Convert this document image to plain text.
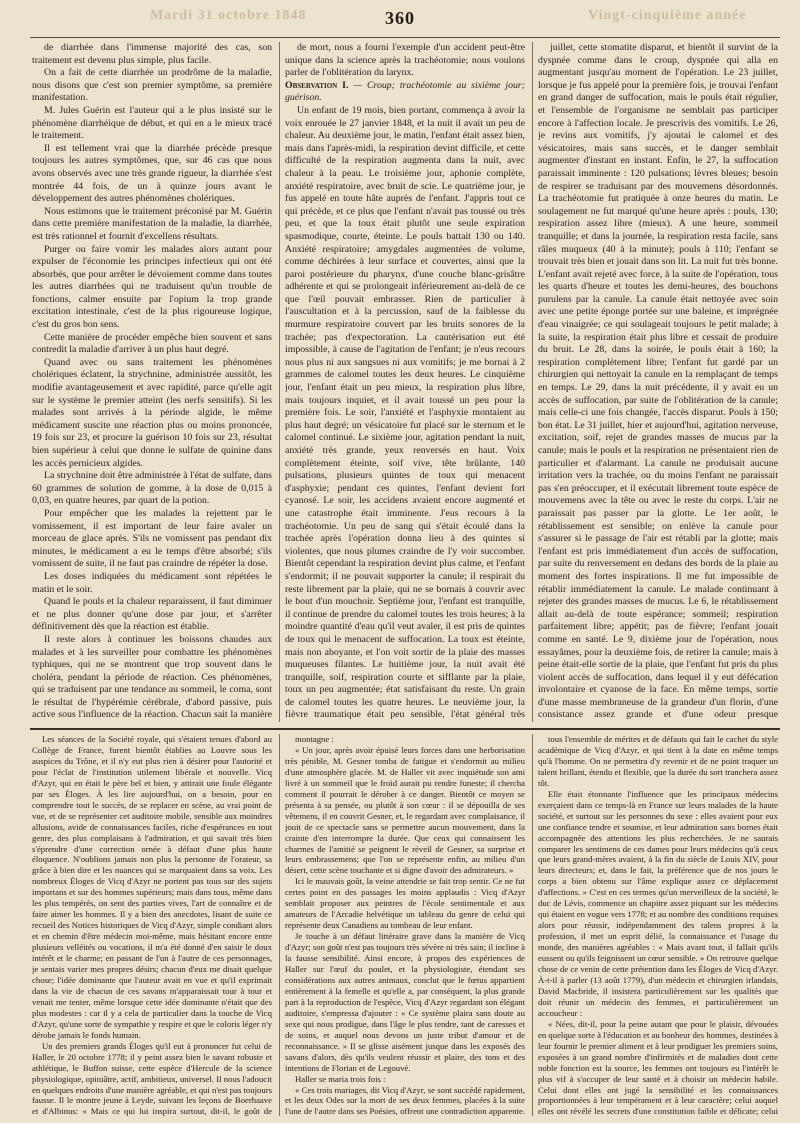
Mardi 31 octobre 1848	360	Vingt-cinquième année

de diarrhée dans l'immense majorité des cas, son traitement est devenu plus simple, plus facile.

On a fait de cette diarrhée un prodrôme de la maladie, nous disons que c'est son premier symptôme, sa première manifestation.

M. Jules Guérin est l'auteur qui a le plus insisté sur le phénomène diarrhéique de début, et qui en a le mieux tracé le traitement.

Il est tellement vrai que la diarrhée précède presque toujours les autres symptômes, que, sur 46 cas que nous avons observés avec une très grande rigueur, la diarrhée s'est montrée 44 fois, de un à quinze jours avant le développement des autres phénomènes cholériques.

Nous estimons que le traitement préconisé par M. Guérin dans cette première manifestation de la maladie, la diarrhée, est très rationnel et fournit d'excellens résultats.

Purger ou faire vomir les malades alors autant pour expulser de l'économie les principes infectieux qui ont été absorbés, que pour arrêter le dévoiement comme dans toutes les autres diarrhées qui ne traduisent qu'un trouble de fonctions, calmer ensuite par l'opium la trop grande excitation intestinale, c'est de la plus rigoureuse logique, c'est du gros bon sens.

Cette manière de procéder empêche bien souvent et sans contredit la maladie d'arriver à un plus haut degré.

Quand avec ou sans traitement les phénomènes cholériques éclatent, la strychnine, administrée aussitôt, les modifie avantageusement et avec rapidité, parce qu'elle agit sur le système le premier atteint (les nerfs sensitifs). Si les malades sont arrivés à la période algide, le même médicament suscite une réaction plus ou moins prononcée, 19 fois sur 23, et procure la guérison 10 fois sur 23, résultat bien supérieur à celui que donne le sulfate de quinine dans les accès pernicieux algides.

La strychnine doit être administrée à l'état de sulfate, dans 60 grammes de solution de gomme, à la dose de 0,015 à 0,03, en quatre heures, par quart de la potion.

Pour empêcher que les malades la rejettent par le vomissement, il est important de leur faire avaler un morceau de glace après. S'ils ne vomissent pas pendant dix minutes, le médicament a eu le temps d'être absorbé; s'ils vomissent de suite, il ne faut pas craindre de répéter la dose.

Les doses indiquées du médicament sont répétées le matin et le soir.

Quand le pouls et la chaleur reparaissent, il faut diminuer et ne plus donner qu'une dose par jour, et s'arrêter définitivement dès que la réaction est établie.

Il reste alors à continuer les boissons chaudes aux malades et à les surveiller pour combattre les phénomènes typhiques, qui ne se montrent que trop souvent dans le choléra, pendant la période de réaction. Ces phénomènes, qui se traduisent par une tendance au sommeil, le coma, sont le résultat de l'hypérémie cérébrale, d'abord passive, puis active sous l'influence de la réaction. Chacun sait la manière

de mort, nous a fourni l'exemple d'un accident peut-être unique dans la science après la trachéotomie; nous voulons parler de l'oblitération du larynx.

Observation I. — Croup; trachéotomie au sixième jour; guérison.

Un enfant de 19 mois, bien portant, commença à avoir la voix enrouée le 27 janvier 1848, et la nuit il avait un peu de chaleur. Au deuxième jour, le matin, l'enfant était assez bien, mais dans l'après-midi, la respiration devint difficile, et cette difficulté de la respiration augmenta dans la nuit, avec chaleur à la peau. Le troisième jour, aphonie complète, anxiété respiratoire, avec bruit de scie. Le quatrième jour, je fus appelé en toute hâte auprès de l'enfant. J'appris tout ce qui précède, et ce plus que l'enfant n'avait pas toussé ou très peu, et que la toux était plutôt une seule expiration spasmodique, courte, éteinte. Le pouls battait 130 ou 140. Anxiété respiratoire; amygdales augmentées de volume, comme déchirées à leur surface et couvertes, ainsi que la paroi postérieure du pharynx, d'une couche blanc-grisâtre adhérente et qui se prolongeait inférieurement au-delà de ce que l'œil pouvait embrasser. Rien de particulier à l'auscultation et à la percussion, sauf de la faiblesse du murmure respiratoire couvert par les bruits sonores de la trachée; pas d'expectoration. La cautérisation eut été impossible, à cause de l'agitation de l'enfant; je n'eus recours nous plus ni aux sangsues ni aux vomitifs; je me bornai à 2 grammes de calomel toutes les deux heures. Le cinquième jour, l'enfant était un peu mieux, la respiration plus libre, mais toujours inquiet, et il avait toussé un peu pour la première fois. Le soir, l'anxiété et l'asphyxie montaient au plus haut degré; un vésicatoire fut placé sur le sternum et le calomel continué. Le sixième jour, agitation pendant la nuit, anxiété très grande, yeux renversés en haut. Voix complètement éteinte, soif vive, tête brûlante, 140 pulsations, plusieurs quintes de toux qui menacent d'asphyxie; pendant ces quintes, l'enfant devient fort cyanosé. Le soir, les accidens avaient encore augmenté et une catastrophe était imminente. J'eus recours à la trachéotomie. Un peu de sang qui s'était écoulé dans la trachée après l'opération donna lieu à des quintes si violentes, que nous plumes craindre de l'y voir succomber. Bientôt cependant la respiration devint plus calme, et l'enfant s'endormit; il ne pouvait supporter la canule; il respirait du reste librement par la plaie, qui ne se bornais à couvrir avec le bout d'un mouchoir. Septième jour, l'enfant est tranquille, il continue de prendre du calomel toutes les trois heures; à la moindre quantité d'eau qu'il veut avaler, il est pris de quintes de toux qui le menacent de suffocation. La toux est éteinte, mais non aboyante, et l'on voit sortir de la plaie des masses muqueuses filantes. Le huitième jour, la nuit avait été tranquille, soif, respiration courte et sifflante par la plaie, toux un peu augmentée; état satisfaisant du reste. Un grain de calomel toutes les quatre heures. Le neuvième jour, la fièvre traumatique était peu sensible, l'état général très

juillet, cette stomatite disparut, et bientôt il survint de la dyspnée comme dans le croup, dyspnée qui alla en augmentant jusqu'au moment de l'opération. Le 23 juillet, lorsque je fus appelé pour la première fois, je trouvai l'enfant en grand danger de suffocation, mais le pouls était régulier, et l'ensemble de l'organisme ne semblait pas participer encore à l'affection locale. Je prescrivis des vomitifs. Le 26, je revins aux vomitifs, j'y ajoutai le calomel et des vésicatoires, mais sans succès, et le danger semblait augmenter d'instant en instant. Enfin, le 27, la suffocation paraissait imminente : 120 pulsations; lèvres bleues; besoin de respirer se traduisant par des mouvemens désordonnés. La trachéotomie fut pratiquée à onze heures du matin. Le soulagement ne fut marqué qu'une heure après : pouls, 130; respiration assez libre (mieux). A une heure, sommeil tranquille; et dans la journée, la respiration resta facile, sans râles muqueux (40 à la minute); pouls à 110; l'enfant se trouvait très bien et jouait dans son lit. La nuit fut très bonne. L'enfant avait rejeté avec force, à la suite de l'opération, tous les quarts d'heure et toutes les demi-heures, des bouchons purulens par la canule. La canule était nettoyée avec soin avec une petite éponge portée sur une baleine, et imprégnée d'eau vinaigrée; ce qui soulageait toujours le petit malade; à la suite, la respiration était plus libre et cessait de produire du bruit. Le 28, dans la soirée, le pouls était à 160; la respiration complètement libre; l'enfant fut gardé par un chirurgien qui nettoyait la canule en la remplaçant de temps en temps. Le 29, dans la nuit précédente, il y avait eu un accès de suffocation, par suite de l'oblitération de la canule; mais celle-ci une fois changée, l'accès disparut. Pouls à 150; bon état. Le 31 juillet, hier et aujourd'hui, agitation nerveuse, excitation, soif, rejet de grandes masses de mucus par la canule; mais le pouls et la respiration ne présentaient rien de particulier et d'alarmant. La canule ne produisait aucune irritation vers la trachée, ou du moins l'enfant ne paraissait pas s'en préoccuper, et il exécutait librement toute espèce de mouvemens avec la tête ou avec le reste du corps. L'air ne paraissait pas passer par la glotte. Le 1er août, le rétablissement est sensible; on enlève la canule pour s'assurer si le passage de l'air est rétabli par la glotte; mais l'enfant est pris immédiatement d'un accès de suffocation, par suite du renversement en dedans des bords de la plaie au moment des fortes inspirations. Il me fut impossible de rétablir immédiatement la canule. Le malade continuant à rejeter des grandes masses de mucus. Le 6, le rétablissement allait au-delà de toute espérance; sommeil; respiration parfaitement libre; appétit; pas de fièvre; l'enfant jouait comme en santé. Le 9, dixième jour de l'opération, nous essayâmes, pour la deuxième fois, de retirer la canule; mais à peine était-elle sortie de la plaie, que l'enfant fut pris du plus violent accès de suffocation, dans lequel il y eut défécation involontaire et cyanose de la face. En même temps, sortie d'une masse membraneuse de la grandeur d'un florin, d'une consistance assez grande et d'une odeur presque

Les séances de la Société royale, qui s'étaient tenues d'abord au Collège de France, furent bientôt établies au Louvre sous les auspices du Trône, et il n'y eut plus rien à désirer pour l'autorité et pour l'éclat de l'institution utilement libérale et nouvelle. Vicq d'Azyr, qui en était le père bel et bien, y attirait une foule élégante par ses Éloges. À les lire aujourd'hui, on a besoin, pour en comprendre tout le succès, de se replacer en scène, au vrai point de vue, et de se représenter cet auditoire mobile, sensible aux moindres allusions, avide de connaissances faciles, riche d'espérances en tout genre, des plus complaisans à l'admiration, et qui savait très bien s'éprendre d'une correction ornée à défaut d'une plus haute éloquence. N'oublions jamais non plus la personne de l'orateur, sa grâce à bien dire et les nuances qui se marquaient dans sa voix. Les nombreux Éloges de Vicq d'Azyr ne portent pas tous sur des sujets importans et sur des hommes supérieurs; mais dans tous, même dans les plus tempérés, on sent des parties vives, l'art de connaître et de faire aimer les hommes. Il y a bien des anecdotes, lisant de suite ce recueil des Notices historiques de Vicq d'Azyr, simple condiant alors et en chemin d'être médecin moi-même, mais hésitant encore entre plusieurs velléités ou vocations, il m'a été donné d'en saisir le doux intérêt et le charme; en passant de l'un à l'autre de ces personnages, je sentais varier mes propres désirs; chacun d'eux me disait quelque chose; l'idée dominante que l'auteur avait en vue et qu'il exprimait dans la vie de chacun de ces savans m'apparaissait tour à tour et venait me tenter, même lorsque cette idée dominante n'était que des plus modestes : car il y a cela de particulier dans la touche de Vicq d'Azyr, qu'une sorte de sympathie y respire et que le coloris léger n'y dérobe jamais le fonds humain.

Un des premiers grands Éloges qu'il eut à prononcer fut celui de Haller, le 20 octobre 1778; il y peint assez bien le savant robuste et athlétique, le Buffon suisse, cette espèce d'Hercule de la science physiologique, opiniâtre, actif, ambitieux, universel. Il nous l'adoucit en quelques endroits d'une manière agréable, et qui n'est pas toujours fausse. Il le montre jeune à Leyde, suivant les leçons de Boerhaave et d'Albinus: « Mais ce qui lui inspira surtout, dit-il, le goût de

montagne :

« Un jour, après avoir épuisé leurs forces dans une herborisation très pénible, M. Gesner tomba de fatigue et s'endormit au milieu d'une atmosphère glacée. M. de Haller vit avec inquiétude son ami livré à un sommeil que le froid aurait pu rendre funeste; il chercha comment il pourrait le dérober à ce danger. Bientôt ce moyen se présenta à sa pensée, ou plutôt à son cœur : il se dépouilla de ses vêtemens, il en couvrit Gesner, et, le regardant avec complaisance, il jouit de ce spectacle sans se permettre aucun mouvement, dans la crainte d'en interrompre la durée. Que ceux qui connaissent les charmes de l'amitié se peignent le réveil de Gesner, sa surprise et leurs embrassemens; que l'on se représente enfin, au milieu d'un désert, cette scène touchante et si digne d'avoir des admirateurs. »

Ici le mauvais goût, la veine attendrie se fait trop sentir. Ce ne fut certes point en des passages les moins applaudis : Vicq d'Azyr semblait proposer aux peintres de l'école sentimentale et aux amateurs de l'Arcadie helvétique un tableau du genre de celui qui représente deux Canadiens au tombeau de leur enfant.

Je touche à un défaut littéraire grave dans la manière de Vicq d'Azyr; son goût n'est pas toujours très sévère ni très sain; il incline à la fausse sensibilité. Ainsi encore, à propos des expériences de Haller sur l'œuf du poulet, et la physiologiste, étendant ses considérations aux autres animaux, conclut que le fœtus appartient entièrement à la femelle et qu'elle a, par conséquent, la plus grande part à la reproduction de l'espèce, Vicq d'Azyr regardant son élégant auditoire, s'empressa d'ajouter : « Ce système plaira sans doute au sexe qui nous prodigue, dans l'âge le plus tendre, tant de caresses et de soins, et auquel nous devons un juste tribut d'amour et de reconnaissance. » Il se glisse aisément jusque dans les exposés des savans d'alors, dès qu'ils veulent réussir et plaire, des tons et des intentions de Florian et de Legouvé.

Haller se maria trois fois :

« Ces trois mariages, dit Vicq d'Azyr, se sont succédé rapidement, et les deux Odes sur la mort de ses deux femmes, placées à la suite l'une de l'autre dans ses Poésies, offrent une contradiction apparente.

tous l'ensemble de mérites et de défauts qui fait le cachet du style académique de Vicq d'Azyr, et qui tient à la date en même temps qu'à l'homme. On ne permettra d'y revenir et de ne point traquer un talent brillant, étendu et flexible, que la durée du sort tranchera assez tôt.

Elle était étonnante l'influence que les principaux médecins exerçaient dans ce temps-là en France sur leurs malades de la haute société, et surtout sur les personnes du sexe : elles avaient pour eux une confiance tendre et soumise, et leur admiration sans bornes était accompagnée des attentions les plus recherchées. Je ne saurais comparer les sentimens de ces dames pour leurs médecins qu'à ceux que leurs grand-mères avaient, à la fin du siècle de Louis XIV, pour leurs directeurs; et, dans le fait, la préférence que de nos jours le corps a bien obtenu sur l'âme explique assez ce déplacement d'affections. » C'est en ces termes qu'un merveilleux de la société, le duc de Lévis, commence un chapitre assez piquant sur les médecins qui étaient en vogue vers 1778; et au nombre des conditions requises alors pour réussir, indépendamment des talens propres à la profession, il met un esprit délié, la connaissance et l'usage du monde, des manières agréables : « Mais avant tout, il fallait qu'ils eussent ou qu'ils feignissent un cœur sensible. » On retrouve quelque chose de ce venin de cette prétention dans les Éloges de Vicq d'Azyr. À-t-il à parler (13 août 1779), d'un médecin et chirurgien irlandais, David Macbride, il insistera particulièrement sur les qualités que doit réunir un médecin des femmes, et particulièrement un accoucheur :

« Nées, dit-il, pour la peine autant que pour le plaisir, dévouées en quelque sorte à l'éducation et au bonheur des hommes, destinées à leur fournir le premier aliment et à leur prodiguer les premiers soins, exposées à un grand nombre d'infirmités et de maladies dont cette noble fonction est la source, les femmes ont toujours eu l'intérêt le plus vif à s'occuper de leur santé et à choisir un médecin habile. Celui dont elles ont jugé la sensibilité et les connaissances proportionnées à leur tempérament et à leur caractère; celui auquel elles ont révélé les secrets d'une constitution faible et délicate; celui
